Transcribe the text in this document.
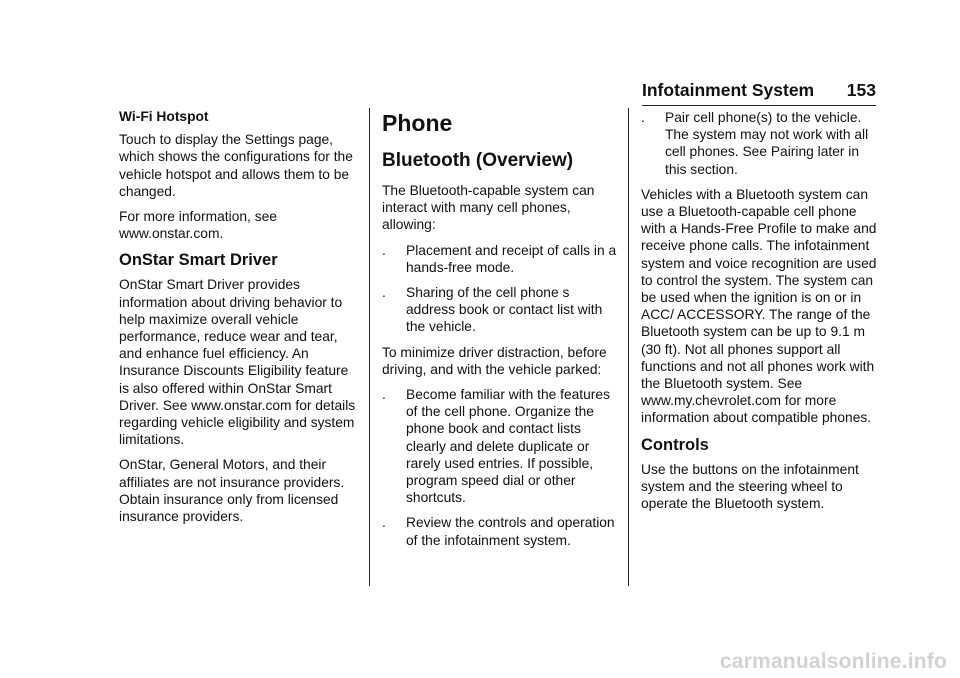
Infotainment System 153

Wi-Fi Hotspot

Touch to display the Settings page, which shows the configurations for the vehicle hotspot and allows them to be changed.

For more information, see www.onstar.com.

OnStar Smart Driver

OnStar Smart Driver provides information about driving behavior to help maximize overall vehicle performance, reduce wear and tear, and enhance fuel efficiency. An Insurance Discounts Eligibility feature is also offered within OnStar Smart Driver. See www.onstar.com for details regarding vehicle eligibility and system limitations.

OnStar, General Motors, and their affiliates are not insurance providers. Obtain insurance only from licensed insurance providers.

Phone
Bluetooth (Overview)

The Bluetooth-capable system can interact with many cell phones, allowing:

.	Placement and receipt of calls in a hands-free mode.
.	Sharing of the cell phone s address book or contact list with the vehicle.

To minimize driver distraction, before driving, and with the vehicle parked:

.	Become familiar with the features of the cell phone. Organize the phone book and contact lists clearly and delete duplicate or rarely used entries. If possible, program speed dial or other shortcuts.
.	Review the controls and operation of the infotainment system.
.	Pair cell phone(s) to the vehicle. The system may not work with all cell phones. See Pairing later in this section.

Vehicles with a Bluetooth system can use a Bluetooth-capable cell phone with a Hands-Free Profile to make and receive phone calls. The infotainment system and voice recognition are used to control the system. The system can be used when the ignition is on or in ACC/ ACCESSORY. The range of the Bluetooth system can be up to 9.1 m (30 ft). Not all phones support all functions and not all phones work with the Bluetooth system. See www.my.chevrolet.com for more information about compatible phones.

Controls

Use the buttons on the infotainment system and the steering wheel to operate the Bluetooth system.

carmanualsonline.info
